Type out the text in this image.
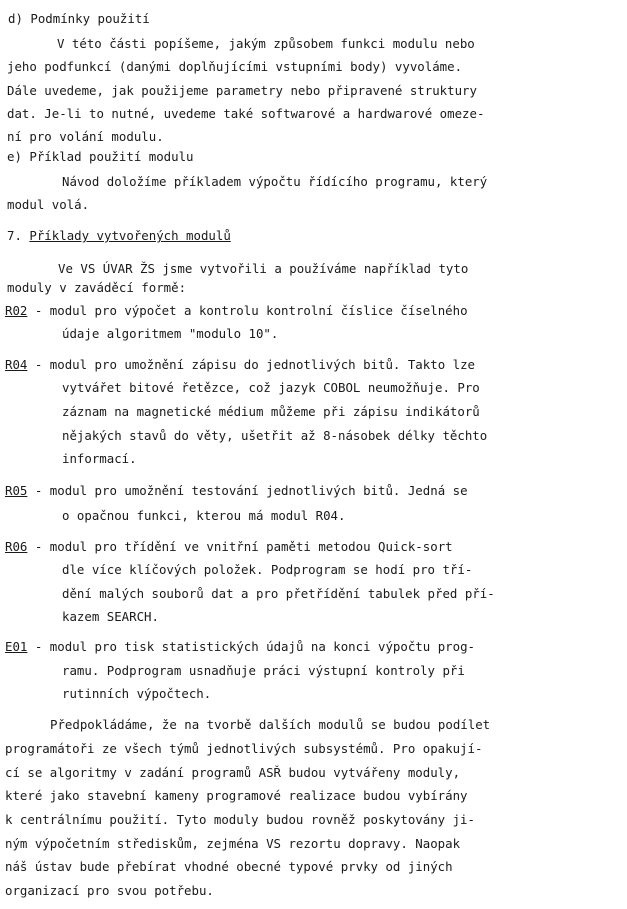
d) Podmínky použití
V této části popíšeme, jakým způsobem funkci modulu nebo
jeho podfunkcí (danými doplňujícími vstupními body) vyvoláme.
Dále uvedeme, jak použijeme parametry nebo připravené struktury
dat. Je-li to nutné, uvedeme také softwarové a hardwarové omeze-
ní pro volání modulu.
e) Příklad použití modulu
Návod doložíme příkladem výpočtu řídícího programu, který
modul volá.
7. Příklady vytvořených modulů
Ve VS ÚVAR ŽS jsme vytvořili a používáme například tyto
moduly v zaváděcí formě:
R02 - modul pro výpočet a kontrolu kontrolní číslice číselného
údaje algoritmem "modulo 10".
R04 - modul pro umožnění zápisu do jednotlivých bitů. Takto lze
vytvářet bitové řetězce, což jazyk COBOL neumožňuje. Pro
záznam na magnetické médium můžeme při zápisu indikátorů
nějakých stavů do věty, ušetřit až 8-násobek délky těchto
informací.
R05 - modul pro umožnění testování jednotlivých bitů. Jedná se
o opačnou funkci, kterou má modul R04.
R06 - modul pro třídění ve vnitřní paměti metodou Quick-sort
dle více klíčových položek. Podprogram se hodí pro tří-
dění malých souborů dat a pro přetřídění tabulek před pří-
kazem SEARCH.
E01 - modul pro tisk statistických údajů na konci výpočtu prog-
ramu. Podprogram usnadňuje práci výstupní kontroly při
rutinních výpočtech.
Předpokládáme, že na tvorbě dalších modulů se budou podílet
programátoři ze všech týmů jednotlivých subsystémů. Pro opakují-
cí se algoritmy v zadání programů ASŘ budou vytvářeny moduly,
které jako stavební kameny programové realizace budou vybírány
k centrálnímu použití. Tyto moduly budou rovněž poskytovány ji-
ným výpočetním střediskům, zejména VS rezortu dopravy. Naopak
náš ústav bude přebírat vhodné obecné typové prvky od jiných
organizací pro svou potřebu.
